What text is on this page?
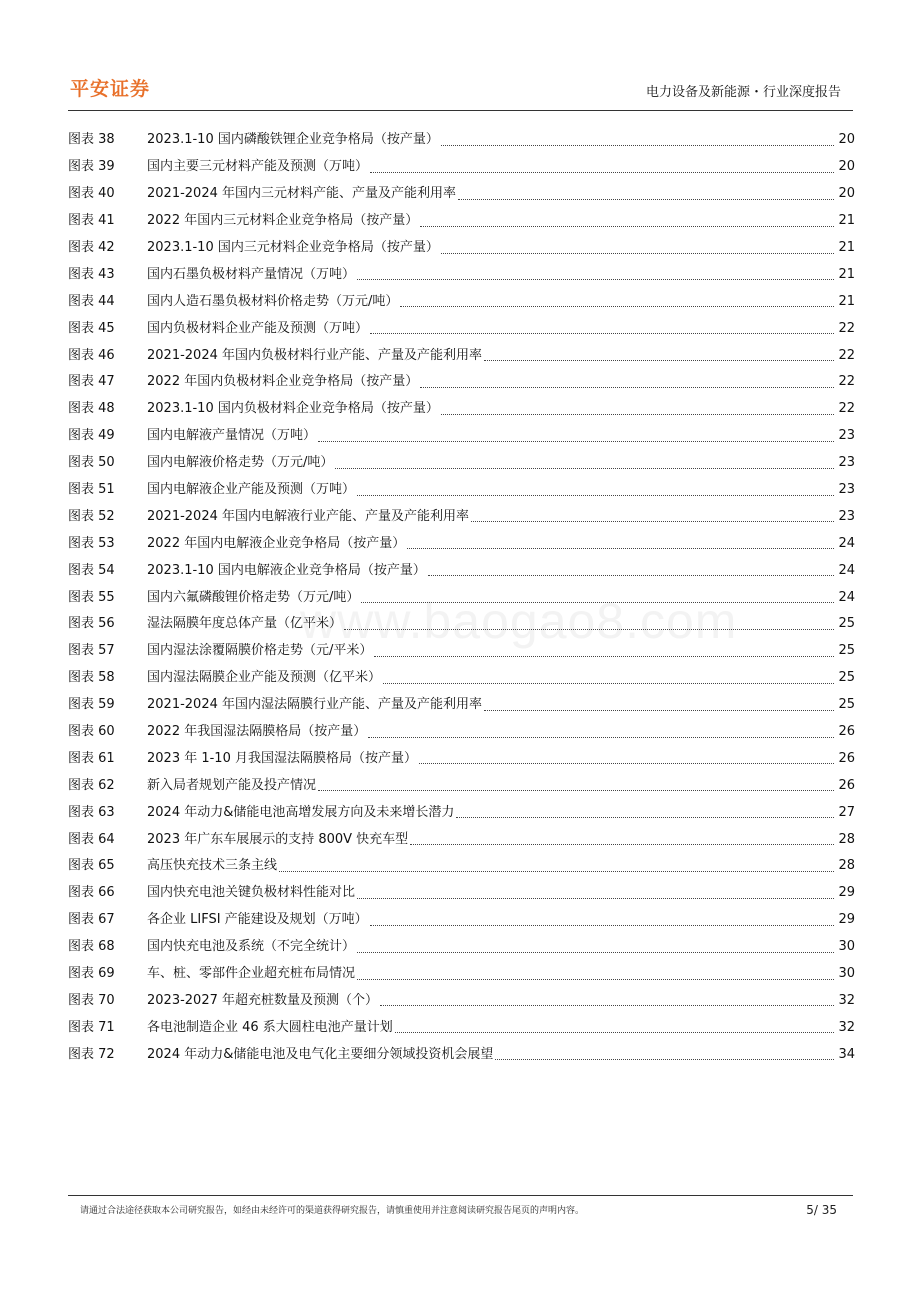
平安证券	电力设备及新能源・行业深度报告
www.baogao8.com
图表 38	2023.1-10 国内磷酸铁锂企业竞争格局（按产量）	20
图表 39	国内主要三元材料产能及预测（万吨）	20
图表 40	2021-2024 年国内三元材料产能、产量及产能利用率	20
图表 41	2022 年国内三元材料企业竞争格局（按产量）	21
图表 42	2023.1-10 国内三元材料企业竞争格局（按产量）	21
图表 43	国内石墨负极材料产量情况（万吨）	21
图表 44	国内人造石墨负极材料价格走势（万元/吨）	21
图表 45	国内负极材料企业产能及预测（万吨）	22
图表 46	2021-2024 年国内负极材料行业产能、产量及产能利用率	22
图表 47	2022 年国内负极材料企业竞争格局（按产量）	22
图表 48	2023.1-10 国内负极材料企业竞争格局（按产量）	22
图表 49	国内电解液产量情况（万吨）	23
图表 50	国内电解液价格走势（万元/吨）	23
图表 51	国内电解液企业产能及预测（万吨）	23
图表 52	2021-2024 年国内电解液行业产能、产量及产能利用率	23
图表 53	2022 年国内电解液企业竞争格局（按产量）	24
图表 54	2023.1-10 国内电解液企业竞争格局（按产量）	24
图表 55	国内六氟磷酸锂价格走势（万元/吨）	24
图表 56	湿法隔膜年度总体产量（亿平米）	25
图表 57	国内湿法涂覆隔膜价格走势（元/平米）	25
图表 58	国内湿法隔膜企业产能及预测（亿平米）	25
图表 59	2021-2024 年国内湿法隔膜行业产能、产量及产能利用率	25
图表 60	2022 年我国湿法隔膜格局（按产量）	26
图表 61	2023 年 1-10 月我国湿法隔膜格局（按产量）	26
图表 62	新入局者规划产能及投产情况	26
图表 63	2024 年动力&储能电池高增发展方向及未来增长潜力	27
图表 64	2023 年广东车展展示的支持 800V 快充车型	28
图表 65	高压快充技术三条主线	28
图表 66	国内快充电池关键负极材料性能对比	29
图表 67	各企业 LIFSI 产能建设及规划（万吨）	29
图表 68	国内快充电池及系统（不完全统计）	30
图表 69	车、桩、零部件企业超充桩布局情况	30
图表 70	2023-2027 年超充桩数量及预测（个）	32
图表 71	各电池制造企业 46 系大圆柱电池产量计划	32
图表 72	2024 年动力&储能电池及电气化主要细分领域投资机会展望	34
请通过合法途径获取本公司研究报告，如经由未经许可的渠道获得研究报告，请慎重使用并注意阅读研究报告尾页的声明内容。	5/ 35
